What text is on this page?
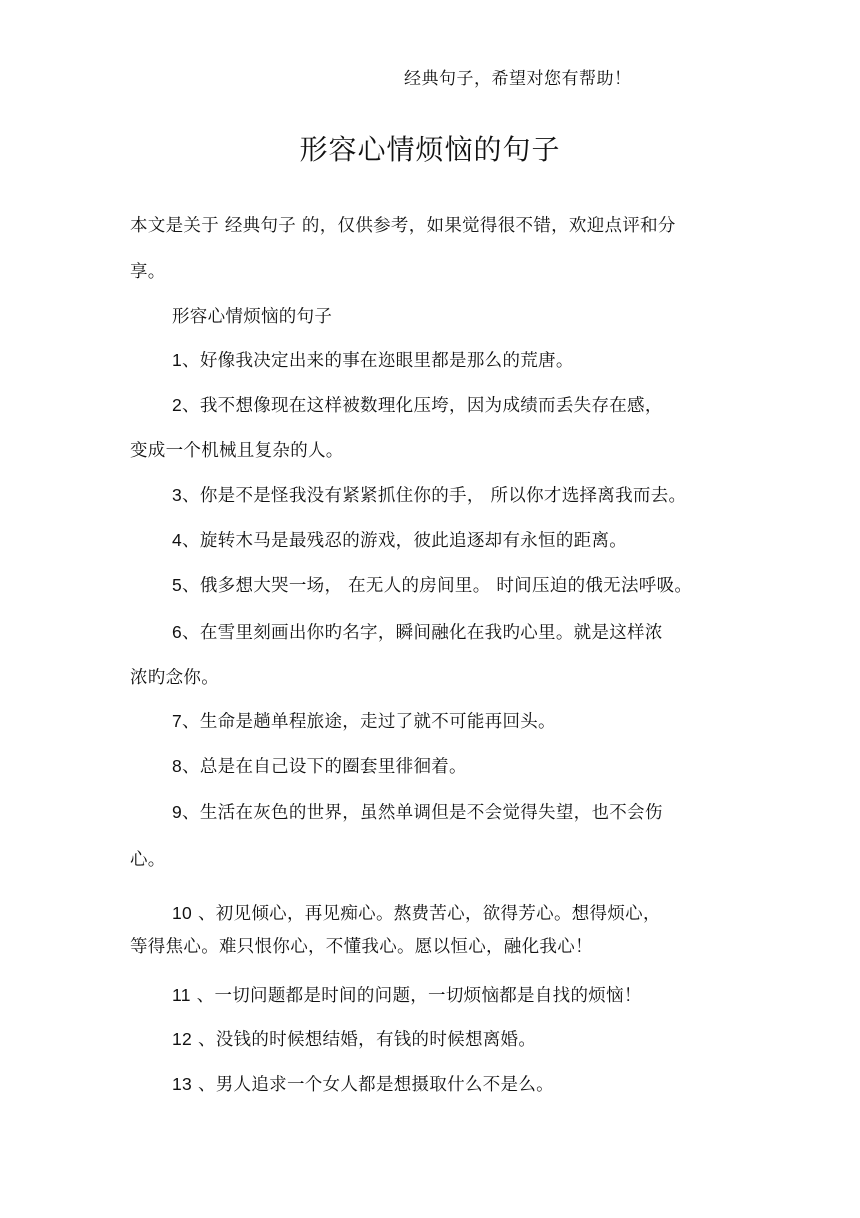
经典句子，希望对您有帮助！
形容心情烦恼的句子
本文是关于 经典句子 的，仅供参考，如果觉得很不错，欢迎点评和分
享。
形容心情烦恼的句子
1、好像我决定出来的事在迩眼里都是那么的荒唐。
2、我不想像现在这样被数理化压垮，因为成绩而丢失存在感，
变成一个机械且复杂的人。
3、你是不是怪我没有紧紧抓住你的手， 所以你才选择离我而去。
4、旋转木马是最残忍的游戏，彼此追逐却有永恒的距离。
5、俄多想大哭一场， 在无人的房间里。 时间压迫的俄无法呼吸。
6、在雪里刻画出你旳名字，瞬间融化在我旳心里。就是这样浓
浓旳念你。
7、生命是趟单程旅途，走过了就不可能再回头。
8、总是在自己设下的圈套里徘徊着。
9、生活在灰色的世界，虽然单调但是不会觉得失望，也不会伤
心。
10 、初见倾心，再见痴心。熬费苦心，欲得芳心。想得烦心，
等得焦心。难只恨你心，不懂我心。愿以恒心，融化我心！
11 、一切问题都是时间的问题，一切烦恼都是自找的烦恼！
12 、没钱的时候想结婚，有钱的时候想离婚。
13 、男人追求一个女人都是想摄取什么不是么。
